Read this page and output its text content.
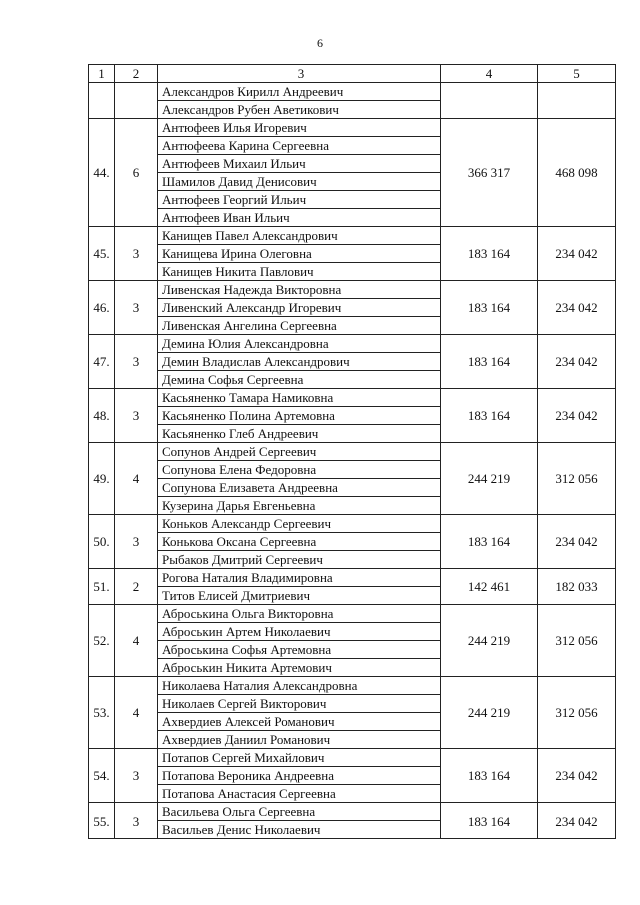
6
1	2	3	4	5
		Александров Кирилл Андреевич		
		Александров Рубен Аветикович		
44.	6	Антюфеев Илья Игоревич	366 317	468 098
		Антюфеева Карина Сергеевна		
		Антюфеев Михаил Ильич		
		Шамилов Давид Денисович		
		Антюфеев Георгий Ильич		
		Антюфеев Иван Ильич		
45.	3	Канищев Павел Александрович	183 164	234 042
		Канищева Ирина Олеговна		
		Канищев Никита Павлович		
46.	3	Ливенская Надежда Викторовна	183 164	234 042
		Ливенский Александр Игоревич		
		Ливенская Ангелина Сергеевна		
47.	3	Демина Юлия Александровна	183 164	234 042
		Демин Владислав Александрович		
		Демина Софья Сергеевна		
48.	3	Касьяненко Тамара Намиковна	183 164	234 042
		Касьяненко Полина Артемовна		
		Касьяненко Глеб Андреевич		
49.	4	Сопунов Андрей Сергеевич	244 219	312 056
		Сопунова Елена Федоровна		
		Сопунова Елизавета Андреевна		
		Кузерина Дарья Евгеньевна		
50.	3	Коньков Александр Сергеевич	183 164	234 042
		Конькова Оксана Сергеевна		
		Рыбаков Дмитрий Сергеевич		
51.	2	Рогова Наталия Владимировна	142 461	182 033
		Титов Елисей Дмитриевич		
52.	4	Аброськина Ольга Викторовна	244 219	312 056
		Аброськин Артем Николаевич		
		Аброськина Софья Артемовна		
		Аброськин Никита Артемович		
53.	4	Николаева Наталия Александровна	244 219	312 056
		Николаев Сергей Викторович		
		Ахвердиев Алексей Романович		
		Ахвердиев Даниил Романович		
54.	3	Потапов Сергей Михайлович	183 164	234 042
		Потапова Вероника Андреевна		
		Потапова Анастасия Сергеевна		
55.	3	Васильева Ольга Сергеевна	183 164	234 042
		Васильев Денис Николаевич		
